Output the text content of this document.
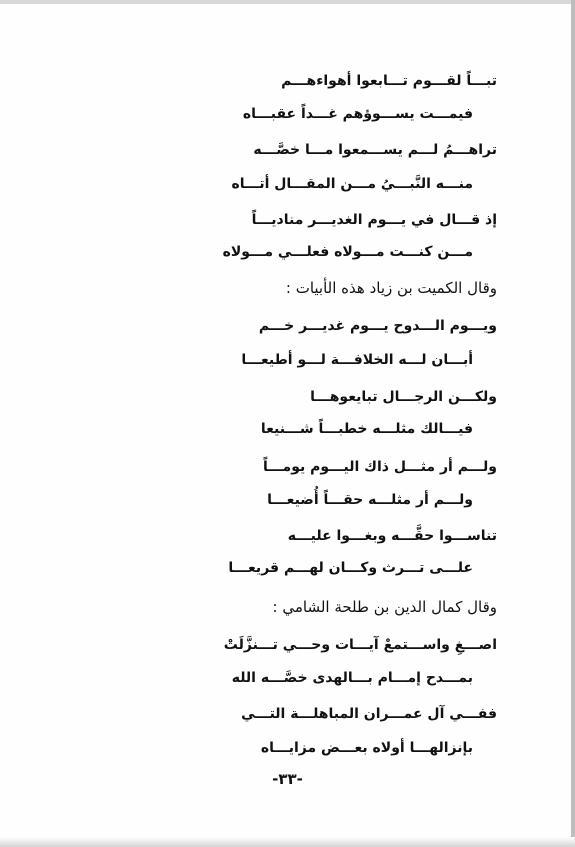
تبـــاً لقـــوم تـــابعوا أهواءهـــم
فيمـــت يســـوؤهم غـــداً عقبـــاه
تراهـــمُ لـــم يســـمعوا مـــا خصَّـــه
منـــه النَّبـــيُ مـــن المقـــال أتـــاه
إذ قـــال في يـــوم الغديـــر مناديـــاً
مـــن كنـــت مـــولاه فعلـــي مـــولاه
وقال الكميت بن زياد هذه الأبيات :
ويـــوم الـــدوح يـــوم غديـــر خـــم
أبـــان لـــه الخلافـــة لـــو أطيعـــا
ولكـــن الرجـــال تبايعوهـــا
فيـــالك مثلـــه خطبـــاً شـــنيعا
ولـــم أر مثـــل ذاك اليـــوم يومـــاً
ولـــم أر مثلـــه حقـــاً أُضيعـــا
تناســـوا حقَّـــه وبغـــوا عليـــه
علـــى تـــرث وكـــان لهـــم قريعـــا
وقال كمال الدين بن طلحة الشامي :
اصـــغِ واســـتمعْ آيـــات وحـــي تـــنزَّلَتْ
بمـــدح إمـــام بـــالهدى خصَّـــه الله
ففـــي آل عمـــران المباهلـــة التـــي
بإنزالهـــا أولاه بعـــض مزايـــاه
-٣٣-
